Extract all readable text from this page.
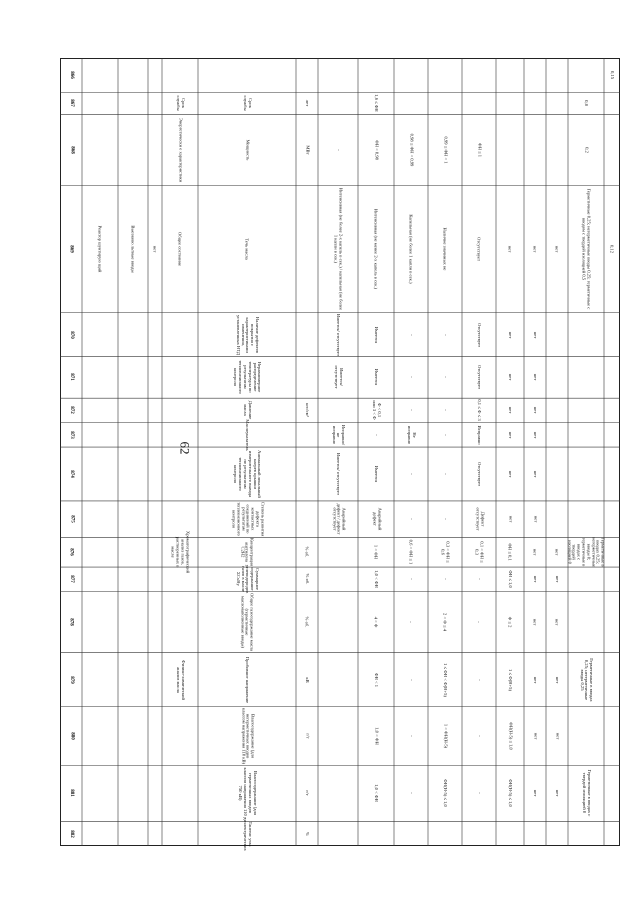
62
866	0,15
867	Срок службы	Срок службы	лет	1,6 ≤ ФН	0,8
868	Энергетически е характеристики	Мощность	МВт	-	ФН < 0,98	0,98 ≤ ФН < 0,99	0,99 ≤ ФН < 1	ФН ≤ 1	0,2
869	Реактор шунтирую щий	Высоково льтные вводы	нет	Общее состояние	Течь масла	Интенсивная (не более 2-х капель в сек.) / капельная (не более 1 капли в сек.)	Интенсивная (не менее 2-х капель в сек.)	Капельная (не более 1 капли в сек.)	Наличие значимых не	Отсутствует	нет	нет	нет	Герметичные 0,25; негерметичные вводы 0,25; герметичные с вводом с твердой изоляцией 0,5	0,12
870	Наличие дефектов покрытия с характеристиками изменения, установленных НТД	Имеется/ отсутствует	Имеется	-	-	Отсутствует	нет	нет
871	Неравномерное распределение температуры по результатам тепловизионного контроля	Имеется/ отсутствует	Имеется	-	-	Отсутствует	нет	нет
872	Давление масла	кгс/см²	Ф < 0,1 или 3 < Ф	-	-	0,1 ≤ Ф ≤ 3	нет	нет
873	Маслоуказатель	Исправно/ не исправно	-	Не исправно	-	Исправно	нет	нет
874	Аномальный локальный нагрев крышки измерительного вывода по результатам тепловизионного контроля	Имеется/ отсутствует	Имеется	-	-	Отсутствует	нет	нет
875	Степень развития дефекта контактных соединений по результатам тепловизионного контроля	Аварийный дефект / дефект отсутствует	Аварийный дефект	-	-	Дефект отсутствует	нет	нет
876	Хроматографический анализ газов, растворенных в масле	Концентрация ацетилена C2H2	% об.	1 < ФН	0,6 < ФН ≤ 1	0,3 < ФН ≤ 0,6	0,1 < ФН ≤ 0,3	ФН ≤ 0,1	нет	нет	Герметичные в вводах 0,25; негерметичные вводы 0; герметичные в вводах с твердой изоляцией 0
877	Суммарное содержание углеводородов газов в масле ΣCxHy	% об.	1,0 < ФН	-	-	-	ФН ≤ 1,0	нет	нет
878	Общее газосодержание масла (герметичные маслонаполненные вводы)	% об.	4 < Ф	-	2 < Ф ≤ 4	-	Ф ≤ 2	нет	нет
879	Физико-химический анализ масла	Пробивное напряжение	кВ	ФН < 1	-	1 ≤ ФН < Ф(Н+5)	-	1 ≤ Ф(Н+5)	нет	нет	Герметичные в вводах 0,25; негерметичные вводы 0,25
880	Влагосодержание (для негерметичных вводов классом напряжения 110 кВ)	г/т	1,0 < ФН	-	1 < ФН(Н-5)	-	ФН(Н-5) ≤ 1,0	нет	нет
881	Влагосодержание (для герметичных вводов классом напряжения 110 - 750 кВ)	г/т	1,0 < ФН	-	ФН(Н-5) ≤ 1,0	-	ФН(Н-5) ≤ 1,0	нет	нет	Герметичные в вводах с твердой изоляцией 0
882	Тангенс угла диэлектрических	%
